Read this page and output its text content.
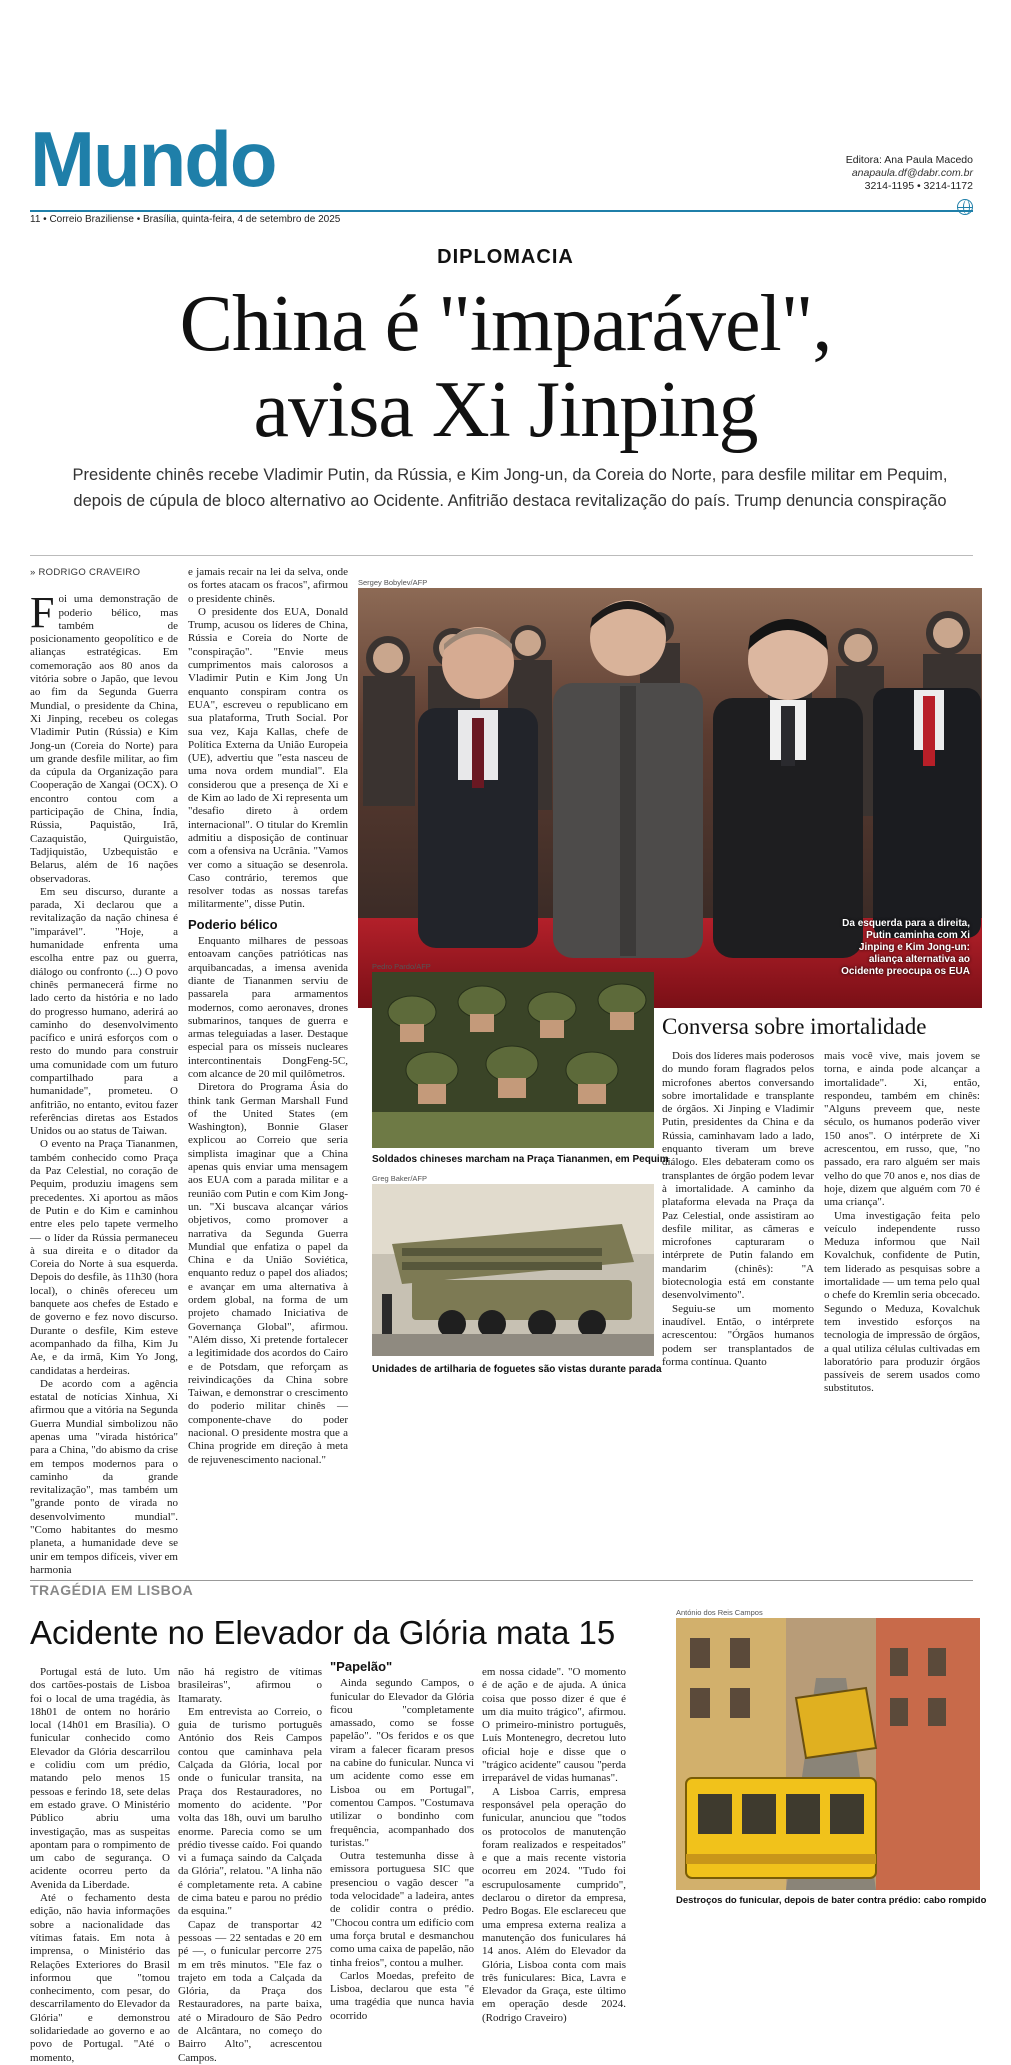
Mundo	Editora: Ana Paula Macedo
anapaula.df@dabr.com.br
3214-1195 • 3214-1172
11 • Correio Braziliense • Brasília, quinta-feira, 4 de setembro de 2025
DIPLOMACIA
China é "imparável",
avisa Xi Jinping
Presidente chinês recebe Vladimir Putin, da Rússia, e Kim Jong-un, da Coreia do Norte, para desfile militar em Pequim,
depois de cúpula de bloco alternativo ao Ocidente. Anfitrião destaca revitalização do país. Trump denuncia conspiração
» RODRIGO CRAVEIRO

Foi uma demonstração de poderio bélico, mas também de posicionamento geopolítico e de alianças estratégicas. Em comemoração aos 80 anos da vitória sobre o Japão, que levou ao fim da Segunda Guerra Mundial, o presidente da China, Xi Jinping, recebeu os colegas Vladimir Putin (Rússia) e Kim Jong-un (Coreia do Norte) para um grande desfile militar, ao fim da cúpula da Organização para Cooperação de Xangai (OCX). O encontro contou com a participação de China, Índia, Rússia, Paquistão, Irã, Cazaquistão, Quirguistão, Tadjiquistão, Uzbequistão e Belarus, além de 16 nações observadoras.

Em seu discurso, durante a parada, Xi declarou que a revitalização da nação chinesa é "imparável". "Hoje, a humanidade enfrenta uma escolha entre paz ou guerra, diálogo ou confronto (...) O povo chinês permanecerá firme no lado certo da história e no lado do progresso humano, aderirá ao caminho do desenvolvimento pacífico e unirá esforços com o resto do mundo para construir uma comunidade com um futuro compartilhado para a humanidade", prometeu. O anfitrião, no entanto, evitou fazer referências diretas aos Estados Unidos ou ao status de Taiwan.

O evento na Praça Tiananmen, também conhecido como Praça da Paz Celestial, no coração de Pequim, produziu imagens sem precedentes. Xi aportou as mãos de Putin e do Kim e caminhou entre eles pelo tapete vermelho — o líder da Rússia permaneceu à sua direita e o ditador da Coreia do Norte à sua esquerda. Depois do desfile, às 11h30 (hora local), o chinês ofereceu um banquete aos chefes de Estado e de governo e fez novo discurso. Durante o desfile, Kim esteve acompanhado da filha, Kim Ju Ae, e da irmã, Kim Yo Jong, candidatas a herdeiras.

De acordo com a agência estatal de notícias Xinhua, Xi afirmou que a vitória na Segunda Guerra Mundial simbolizou não apenas uma "virada histórica" para a China, "do abismo da crise em tempos modernos para o caminho da grande revitalização", mas também um "grande ponto de virada no desenvolvimento mundial". "Como habitantes do mesmo planeta, a humanidade deve se unir em tempos difíceis, viver em harmonia

e jamais recair na lei da selva, onde os fortes atacam os fracos", afirmou o presidente chinês.

O presidente dos EUA, Donald Trump, acusou os líderes de China, Rússia e Coreia do Norte de "conspiração". "Envie meus cumprimentos mais calorosos a Vladimir Putin e Kim Jong Un enquanto conspiram contra os EUA", escreveu o republicano em sua plataforma, Truth Social. Por sua vez, Kaja Kallas, chefe de Política Externa da União Europeia (UE), advertiu que "esta nasceu de uma nova ordem mundial". Ela considerou que a presença de Xi e de Kim ao lado de Xi representa um "desafio direto à ordem internacional". O titular do Kremlin admitiu a disposição de continuar com a ofensiva na Ucrânia. "Vamos ver como a situação se desenrola. Caso contrário, teremos que resolver todas as nossas tarefas militarmente", disse Putin.

Poderio bélico

Enquanto milhares de pessoas entoavam canções patrióticas nas arquibancadas, a imensa avenida diante de Tiananmen serviu de passarela para armamentos modernos, como aeronaves, drones submarinos, tanques de guerra e armas teleguiadas a laser. Destaque especial para os mísseis nucleares intercontinentais DongFeng-5C, com alcance de 20 mil quilômetros.

Diretora do Programa Ásia do think tank German Marshall Fund of the United States (em Washington), Bonnie Glaser explicou ao Correio que seria simplista imaginar que a China apenas quis enviar uma mensagem aos EUA com a parada militar e a reunião com Putin e com Kim Jong-un. "Xi buscava alcançar vários objetivos, como promover a narrativa da Segunda Guerra Mundial que enfatiza o papel da China e da União Soviética, enquanto reduz o papel dos aliados; e avançar em uma alternativa à ordem global, na forma de um projeto chamado Iniciativa de Governança Global", afirmou. "Além disso, Xi pretende fortalecer a legitimidade dos acordos do Cairo e de Potsdam, que reforçam as reivindicações da China sobre Taiwan, e demonstrar o crescimento do poderio militar chinês — componente-chave do poder nacional. O presidente mostra que a China progride em direção à meta de rejuvenescimento nacional."

Sergey Bobylev/AFP
Da esquerda para a direita,
Putin caminha com Xi
Jinping e Kim Jong-un:
aliança alternativa ao
Ocidente preocupa os EUA
Pedro Pardo/AFP
Soldados chineses marcham na Praça Tiananmen, em Pequim
Greg Baker/AFP
Unidades de artilharia de foguetes são vistas durante parada
Conversa sobre imortalidade

Dois dos líderes mais poderosos do mundo foram flagrados pelos microfones abertos conversando sobre imortalidade e transplante de órgãos. Xi Jinping e Vladimir Putin, presidentes da China e da Rússia, caminhavam lado a lado, enquanto tiveram um breve diálogo. Eles debateram como os transplantes de órgão podem levar à imortalidade. A caminho da plataforma elevada na Praça da Paz Celestial, onde assistiram ao desfile militar, as câmeras e microfones capturaram o intérprete de Putin falando em mandarim (chinês): "A biotecnologia está em constante desenvolvimento".

Seguiu-se um momento inaudível. Então, o intérprete acrescentou: "Órgãos humanos podem ser transplantados de forma contínua. Quanto

mais você vive, mais jovem se torna, e ainda pode alcançar a imortalidade". Xi, então, respondeu, também em chinês: "Alguns preveem que, neste século, os humanos poderão viver 150 anos". O intérprete de Xi acrescentou, em russo, que, "no passado, era raro alguém ser mais velho do que 70 anos e, nos dias de hoje, dizem que alguém com 70 é uma criança".

Uma investigação feita pelo veículo independente russo Meduza informou que Nail Kovalchuk, confidente de Putin, tem liderado as pesquisas sobre a imortalidade — um tema pelo qual o chefe do Kremlin seria obcecado. Segundo o Meduza, Kovalchuk tem investido esforços na tecnologia de impressão de órgãos, a qual utiliza células cultivadas em laboratório para produzir órgãos passíveis de serem usados como substitutos.

TRAGÉDIA EM LISBOA
Acidente no Elevador da Glória mata 15

Portugal está de luto. Um dos cartões-postais de Lisboa foi o local de uma tragédia, às 18h01 de ontem no horário local (14h01 em Brasília). O funicular conhecido como Elevador da Glória descarrilou e colidiu com um prédio, matando pelo menos 15 pessoas e ferindo 18, sete delas em estado grave. O Ministério Público abriu uma investigação, mas as suspeitas apontam para o rompimento de um cabo de segurança. O acidente ocorreu perto da Avenida da Liberdade.

Até o fechamento desta edição, não havia informações sobre a nacionalidade das vítimas fatais. Em nota à imprensa, o Ministério das Relações Exteriores do Brasil informou que "tomou conhecimento, com pesar, do descarrilamento do Elevador da Glória" e demonstrou solidariedade ao governo e ao povo de Portugal. "Até o momento,

não há registro de vítimas brasileiras", afirmou o Itamaraty.

Em entrevista ao Correio, o guia de turismo português António dos Reis Campos contou que caminhava pela Calçada da Glória, local por onde o funicular transita, na Praça dos Restauradores, no momento do acidente. "Por volta das 18h, ouvi um barulho enorme. Parecia como se um prédio tivesse caído. Foi quando vi a fumaça saindo da Calçada da Glória", relatou. "A linha não é completamente reta. A cabine de cima bateu e parou no prédio da esquina."

Capaz de transportar 42 pessoas — 22 sentadas e 20 em pé —, o funicular percorre 275 m em três minutos. "Ele faz o trajeto em toda a Calçada da Glória, da Praça dos Restauradores, na parte baixa, até o Miradouro de São Pedro de Alcântara, no começo do Bairro Alto", acrescentou Campos.

"Papelão"

Ainda segundo Campos, o funicular do Elevador da Glória ficou "completamente amassado, como se fosse papelão". "Os feridos e os que viram a falecer ficaram presos na cabine do funicular. Nunca vi um acidente como esse em Lisboa ou em Portugal", comentou Campos. "Costumava utilizar o bondinho com frequência, acompanhado dos turistas."

Outra testemunha disse à emissora portuguesa SIC que presenciou o vagão descer "a toda velocidade" a ladeira, antes de colidir contra o prédio. "Chocou contra um edifício com uma força brutal e desmanchou como uma caixa de papelão, não tinha freios", contou a mulher.

Carlos Moedas, prefeito de Lisboa, declarou que esta "é uma tragédia que nunca havia ocorrido

em nossa cidade". "O momento é de ação e de ajuda. A única coisa que posso dizer é que é um dia muito trágico", afirmou. O primeiro-ministro português, Luís Montenegro, decretou luto oficial hoje e disse que o "trágico acidente" causou "perda irreparável de vidas humanas".

A Lisboa Carris, empresa responsável pela operação do funicular, anunciou que "todos os protocolos de manutenção foram realizados e respeitados" e que a mais recente vistoria ocorreu em 2024. "Tudo foi escrupulosamente cumprido", declarou o diretor da empresa, Pedro Bogas. Ele esclareceu que uma empresa externa realiza a manutenção dos funiculares há 14 anos. Além do Elevador da Glória, Lisboa conta com mais três funiculares: Bica, Lavra e Elevador da Graça, este último em operação desde 2024. (Rodrigo Craveiro)

António dos Reis Campos
Destroços do funicular, depois de bater contra prédio: cabo rompido
